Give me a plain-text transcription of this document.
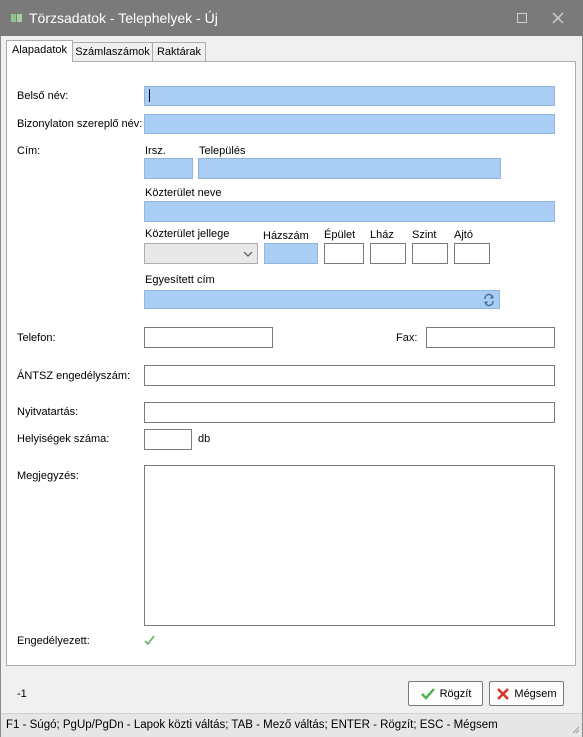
Törzsadatok - Telephelyek - Új
Alapadatok Számlaszámok Raktárak
Belső név:
Bizonylaton szereplő név:
Cím:	Irsz.	Település
Közterület neve
Közterület jellege	Házszám Épület Lház Szint Ajtó
Egyesített cím
Telefon:	Fax:
ÁNTSZ engedélyszám:
Nyitvatartás:
Helyiségek száma:	db
Megjegyzés:
Engedélyezett:
-1	Rögzít	Mégsem
F1 - Súgó; PgUp/PgDn - Lapok közti váltás; TAB - Mező váltás; ENTER - Rögzít; ESC - Mégsem
